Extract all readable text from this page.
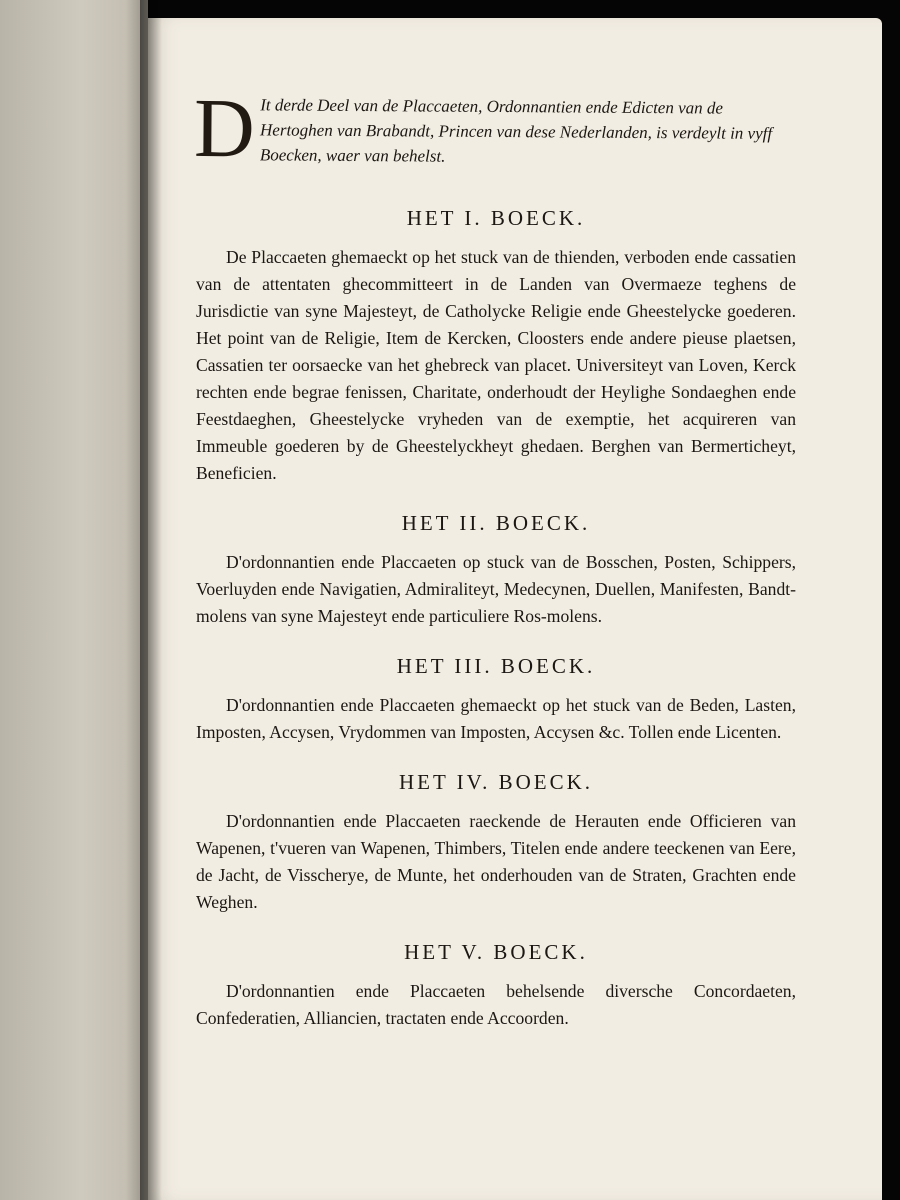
D It derde Deel van de Placcaeten, Ordonnantien ende Edicten van de Hertoghen van Brabandt, Princen van dese Nederlanden, is verdeylt in vyff Boecken, waer van behelst.
HET I. BOECK.

De Placcaeten ghemaeckt op het stuck van de thienden, verboden ende cassatien van de attentaten ghecommitteert in de Landen van Overmaeze teghens de Jurisdictie van syne Majesteyt, de Catholycke Religie ende Gheestelycke goederen. Het point van de Religie, Item de Kercken, Cloosters ende andere pieuse plaetsen, Cassatien ter oorsaecke van het ghebreck van placet. Universiteyt van Loven, Kerck rechten ende begrae fenissen, Charitate, onderhoudt der Heylighe Sondaeghen ende Feestdaeghen, Gheestelycke vryheden van de exemptie, het acquireren van Immeuble goederen by de Gheestelyckheyt ghedaen. Berghen van Bermerticheyt, Beneficien.

HET II. BOECK.

D'ordonnantien ende Placcaeten op stuck van de Bosschen, Posten, Schippers, Voerluyden ende Navigatien, Admiraliteyt, Medecynen, Duellen, Manifesten, Bandt-molens van syne Majesteyt ende particuliere Ros-molens.

HET III. BOECK.

D'ordonnantien ende Placcaeten ghemaeckt op het stuck van de Beden, Lasten, Imposten, Accysen, Vrydommen van Imposten, Accysen &c. Tollen ende Licenten.

HET IV. BOECK.

D'ordonnantien ende Placcaeten raeckende de Herauten ende Officieren van Wapenen, t'vueren van Wapenen, Thimbers, Titelen ende andere teeckenen van Eere, de Jacht, de Visscherye, de Munte, het onderhouden van de Straten, Grachten ende Weghen.

HET V. BOECK.

D'ordonnantien ende Placcaeten behelsende diversche Concordaeten, Confederatien, Alliancien, tractaten ende Accoorden.
